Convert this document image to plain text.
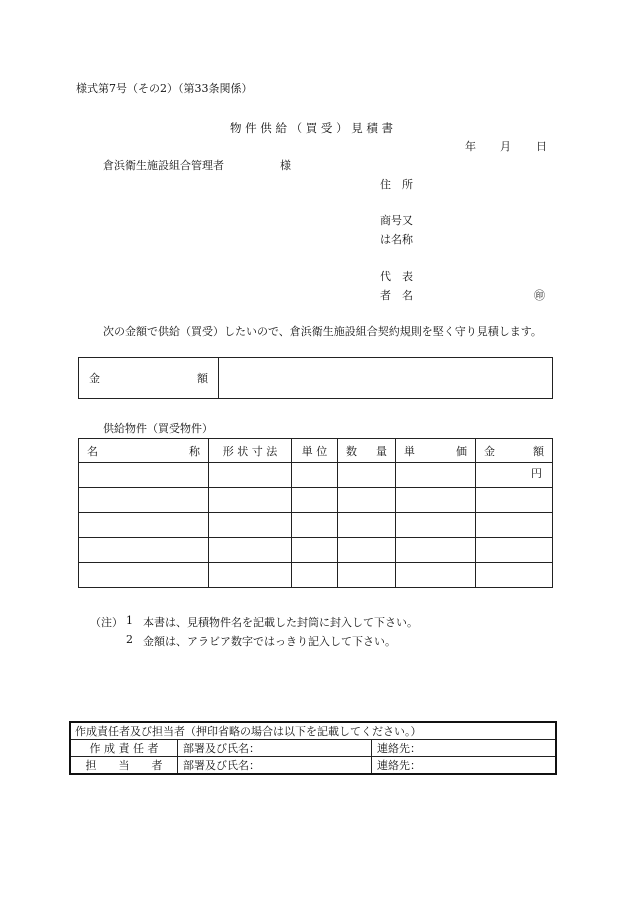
様式第7号（その2）（第33条関係）
物 件 供 給 （ 買 受 ） 見 積 書
年 月 日
倉浜衛生施設組合管理者	様
住　所
商号又
は名称
代　表
者　名	㊞
次の金額で供給（買受）したいので、倉浜衛生施設組合契約規則を堅く守り見積します。
金	額

供給物件（買受物件）
名 称	形 状 寸 法	単 位	数 量	単 価	金 額

					円

（注） 1 本書は、見積物件名を記載した封筒に封入して下さい。
2 金額は、アラビア数字ではっきり記入して下さい。
作成責任者及び担当者（押印省略の場合は以下を記載してください。）		
作 成 責 任 者	部署及び氏名：	連絡先：
担　　当　　者	部署及び氏名：	連絡先：
